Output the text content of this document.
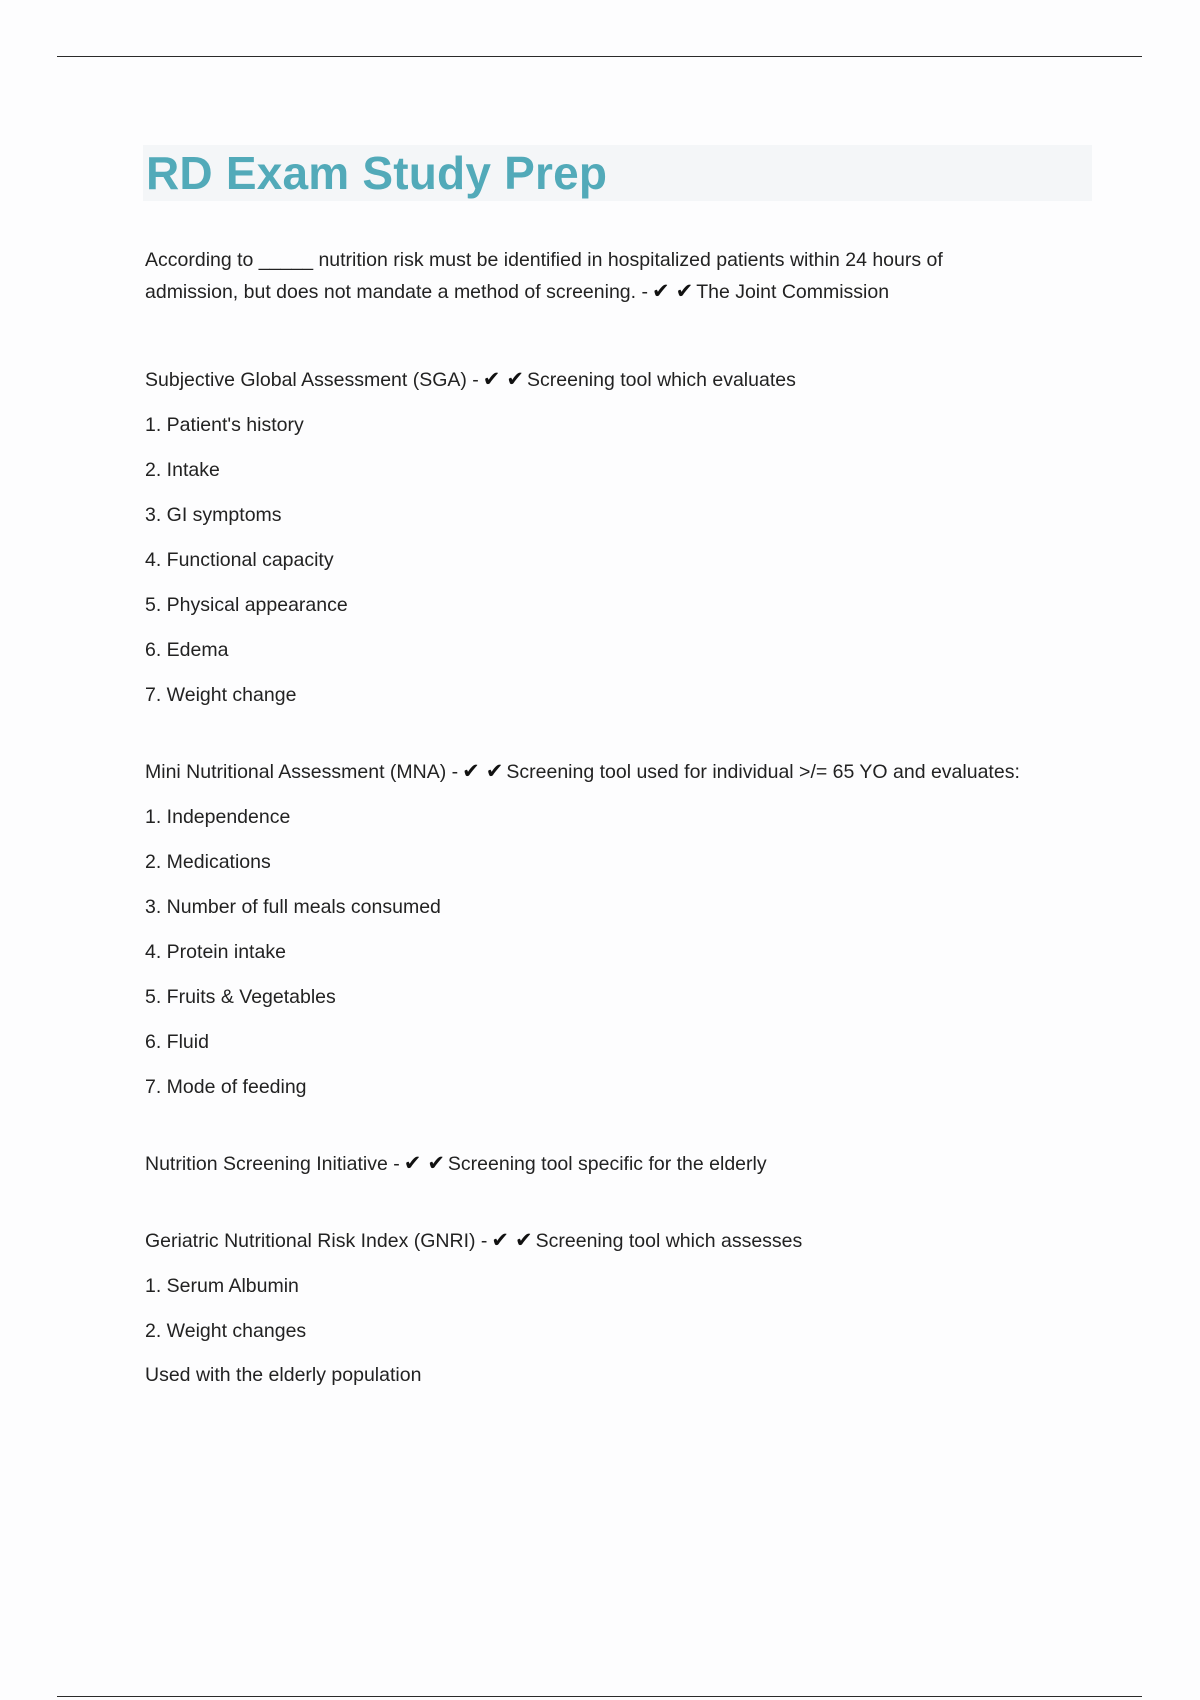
RD Exam Study Prep

According to _____ nutrition risk must be identified in hospitalized patients within 24 hours of

admission, but does not mandate a method of screening. - ✔ ✔ The Joint Commission

Subjective Global Assessment (SGA) - ✔ ✔ Screening tool which evaluates
1. Patient's history
2. Intake
3. GI symptoms
4. Functional capacity
5. Physical appearance
6. Edema
7. Weight change
Mini Nutritional Assessment (MNA) - ✔ ✔ Screening tool used for individual >/= 65 YO and evaluates:
1. Independence
2. Medications
3. Number of full meals consumed
4. Protein intake
5. Fruits & Vegetables
6. Fluid
7. Mode of feeding
Nutrition Screening Initiative - ✔ ✔ Screening tool specific for the elderly
Geriatric Nutritional Risk Index (GNRI) - ✔ ✔ Screening tool which assesses
1. Serum Albumin
2. Weight changes
Used with the elderly population
